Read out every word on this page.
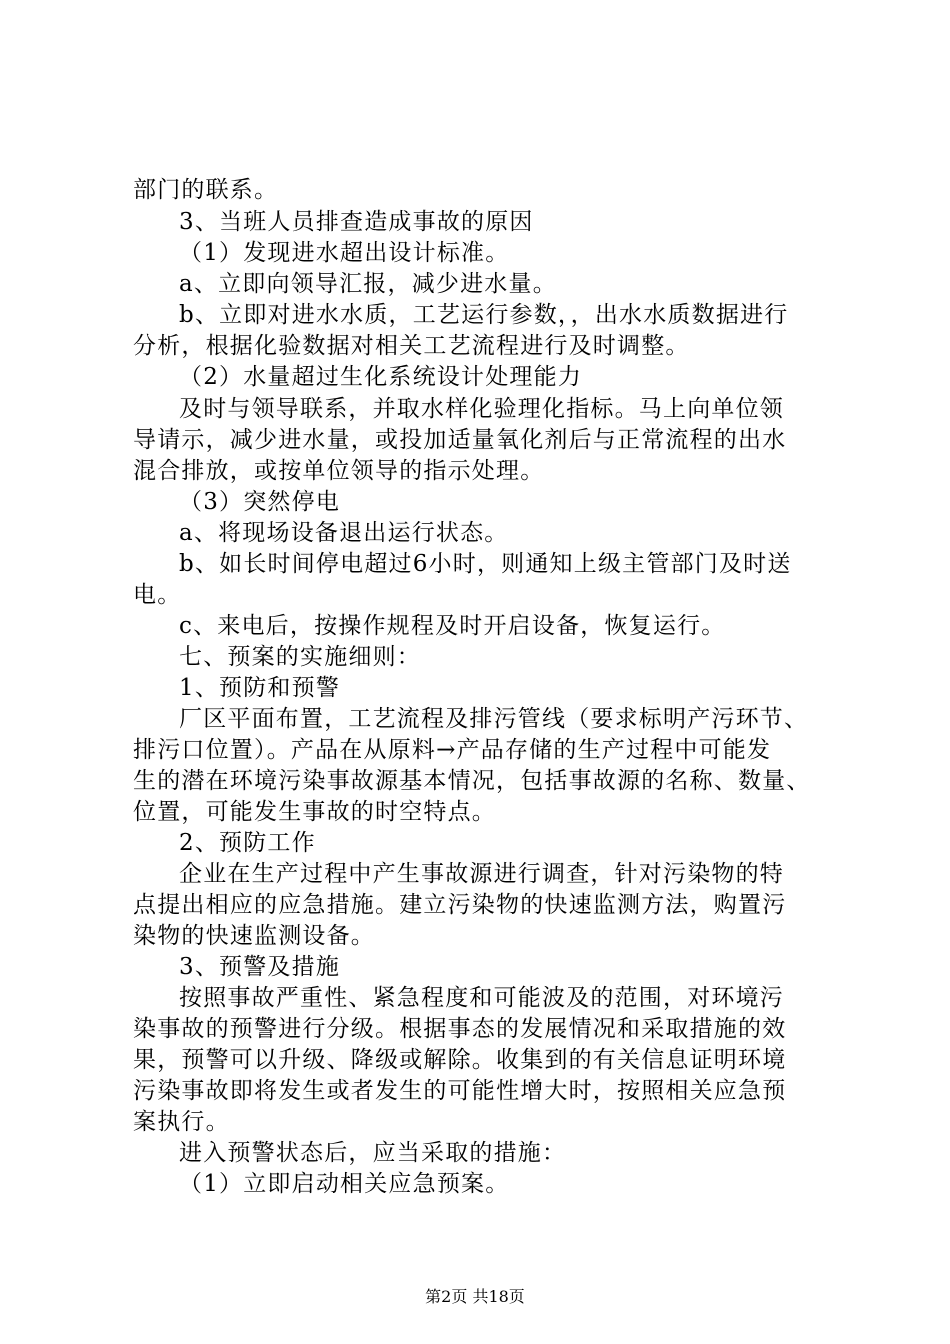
部门的联系。
3、当班人员排查造成事故的原因
（1）发现进水超出设计标准。
a、立即向领导汇报，减少进水量。
b、立即对进水水质，工艺运行参数，，出水水质数据进行
分析，根据化验数据对相关工艺流程进行及时调整。
（2）水量超过生化系统设计处理能力
及时与领导联系，并取水样化验理化指标。马上向单位领
导请示，减少进水量，或投加适量氧化剂后与正常流程的出水
混合排放，或按单位领导的指示处理。
（3）突然停电
a、将现场设备退出运行状态。
b、如长时间停电超过6小时，则通知上级主管部门及时送
电。
c、来电后，按操作规程及时开启设备，恢复运行。
七、预案的实施细则：
1、预防和预警
厂区平面布置，工艺流程及排污管线（要求标明产污环节、
排污口位置）。产品在从原料→产品存储的生产过程中可能发
生的潜在环境污染事故源基本情况，包括事故源的名称、数量、
位置，可能发生事故的时空特点。
2、预防工作
企业在生产过程中产生事故源进行调查，针对污染物的特
点提出相应的应急措施。建立污染物的快速监测方法，购置污
染物的快速监测设备。
3、预警及措施
按照事故严重性、紧急程度和可能波及的范围，对环境污
染事故的预警进行分级。根据事态的发展情况和采取措施的效
果，预警可以升级、降级或解除。收集到的有关信息证明环境
污染事故即将发生或者发生的可能性增大时，按照相关应急预
案执行。
进入预警状态后，应当采取的措施：
（1）立即启动相关应急预案。
第2页 共18页
